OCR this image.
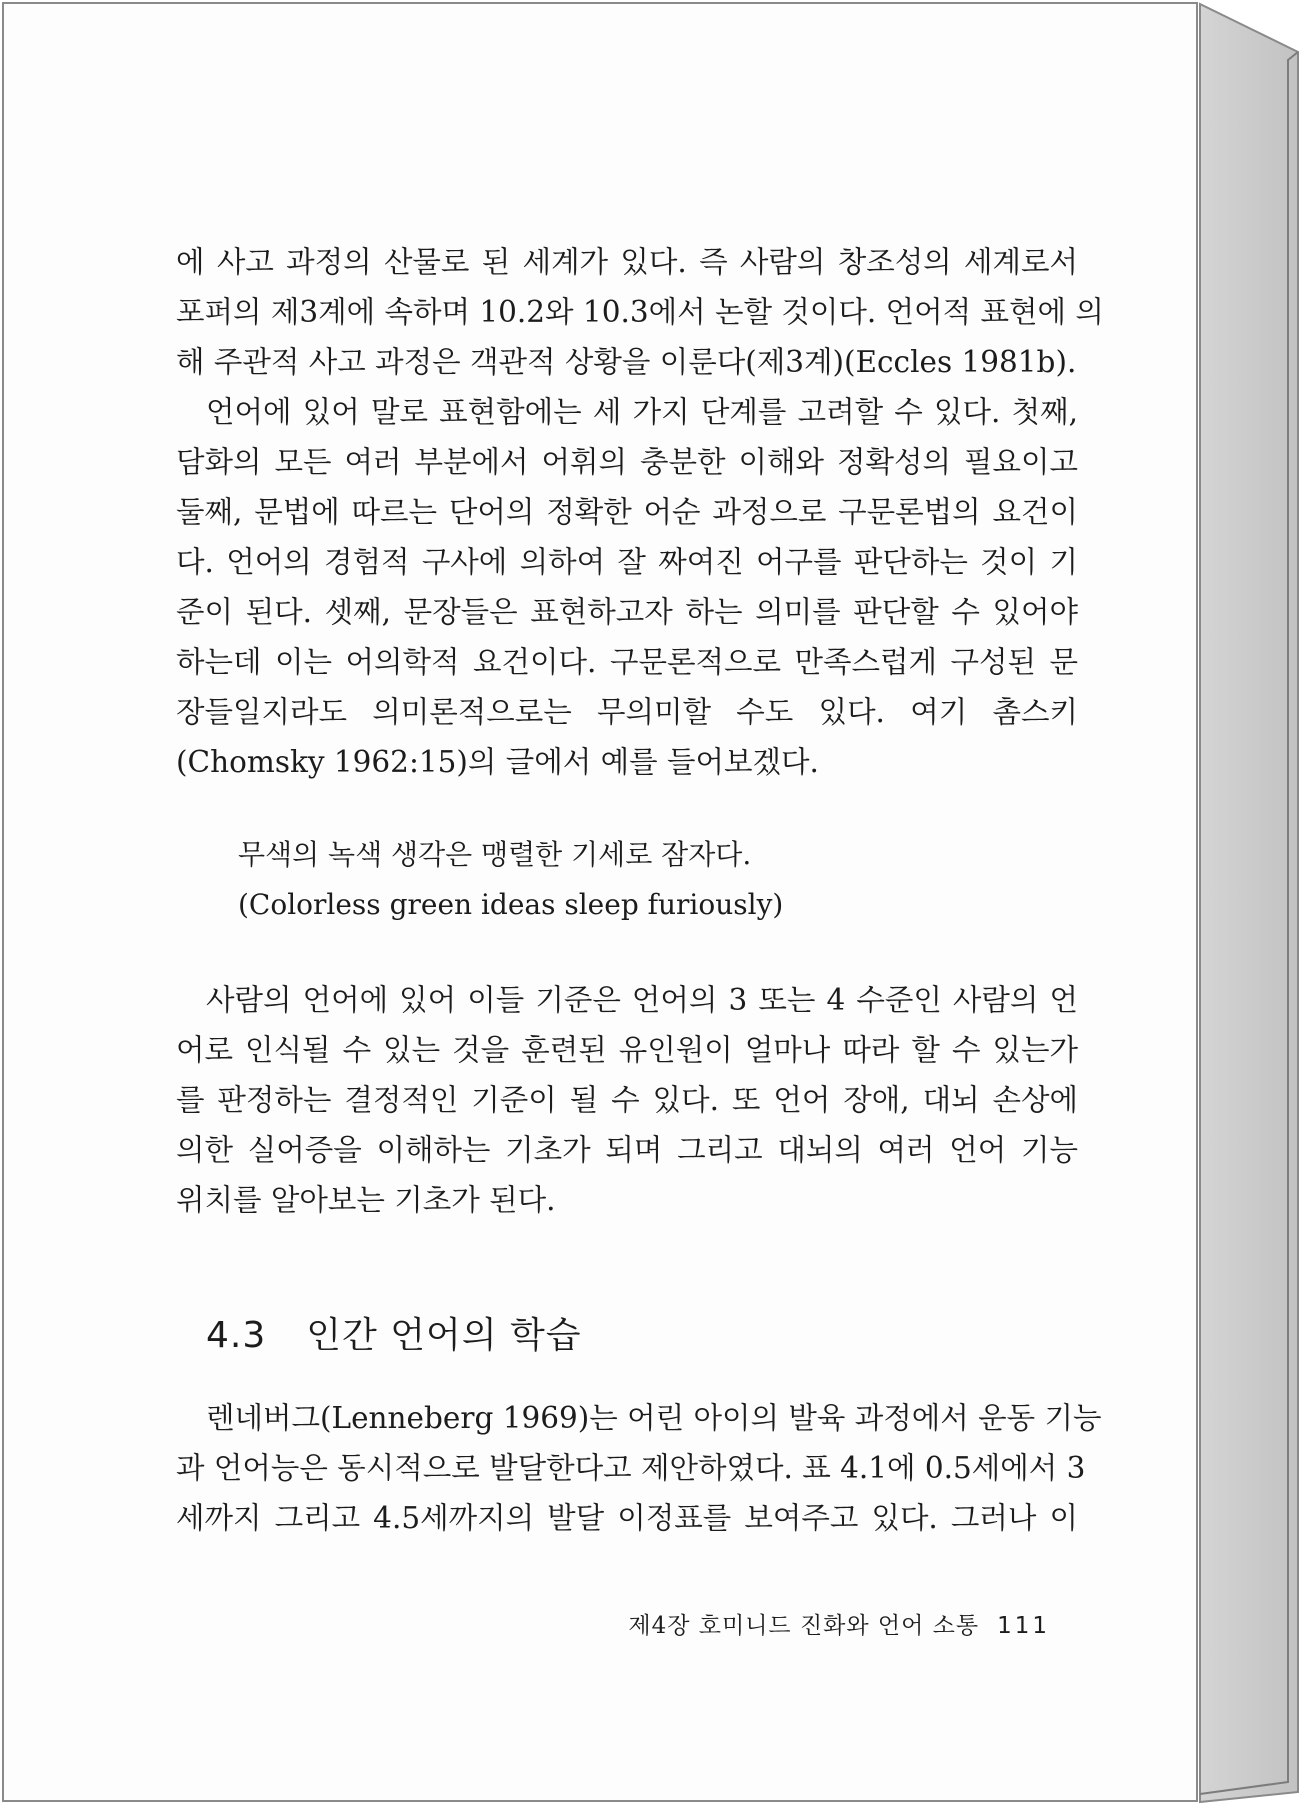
에 사고 과정의 산물로 된 세계가 있다. 즉 사람의 창조성의 세계로서
포퍼의 제3계에 속하며 10.2와 10.3에서 논할 것이다. 언어적 표현에 의
해 주관적 사고 과정은 객관적 상황을 이룬다(제3계)(Eccles 1981b).

언어에 있어 말로 표현함에는 세 가지 단계를 고려할 수 있다. 첫째,
담화의 모든 여러 부분에서 어휘의 충분한 이해와 정확성의 필요이고
둘째, 문법에 따르는 단어의 정확한 어순 과정으로 구문론법의 요건이
다. 언어의 경험적 구사에 의하여 잘 짜여진 어구를 판단하는 것이 기
준이 된다. 셋째, 문장들은 표현하고자 하는 의미를 판단할 수 있어야
하는데 이는 어의학적 요건이다. 구문론적으로 만족스럽게 구성된 문
장들일지라도 의미론적으로는 무의미할 수도 있다. 여기 촘스키
(Chomsky 1962:15)의 글에서 예를 들어보겠다.

무색의 녹색 생각은 맹렬한 기세로 잠자다.
(Colorless green ideas sleep furiously)

사람의 언어에 있어 이들 기준은 언어의 3 또는 4 수준인 사람의 언
어로 인식될 수 있는 것을 훈련된 유인원이 얼마나 따라 할 수 있는가
를 판정하는 결정적인 기준이 될 수 있다. 또 언어 장애, 대뇌 손상에
의한 실어증을 이해하는 기초가 되며 그리고 대뇌의 여러 언어 기능
위치를 알아보는 기초가 된다.

4.3 인간 언어의 학습

렌네버그(Lenneberg 1969)는 어린 아이의 발육 과정에서 운동 기능
과 언어능은 동시적으로 발달한다고 제안하였다. 표 4.1에 0.5세에서 3
세까지 그리고 4.5세까지의 발달 이정표를 보여주고 있다. 그러나 이

제4장 호미니드 진화와 언어 소통 111
